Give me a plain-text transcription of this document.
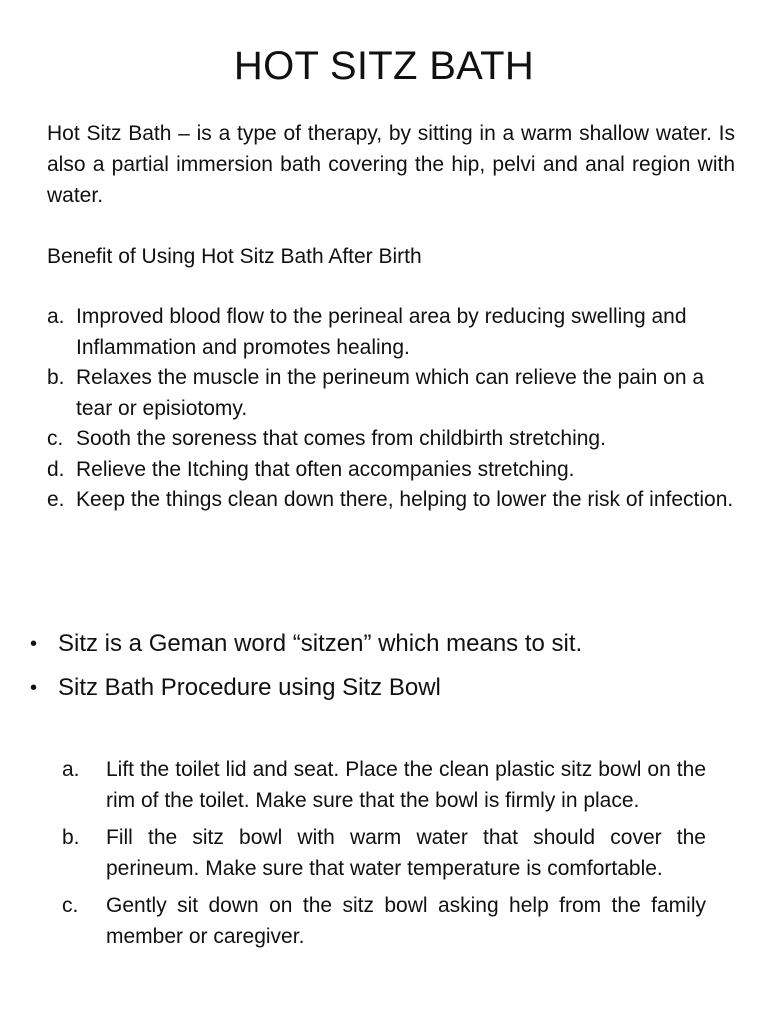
HOT SITZ BATH

Hot Sitz Bath – is a type of therapy, by sitting in a warm shallow water. Is also a partial immersion bath covering the hip, pelvi and anal region with water.

Benefit of Using Hot Sitz Bath After Birth

a. Improved blood flow to the perineal area by reducing swelling and Inflammation and promotes healing.
b. Relaxes the muscle in the perineum which can relieve the pain on a tear or episiotomy.
c. Sooth the soreness that comes from childbirth stretching.
d. Relieve the Itching that often accompanies stretching.
e. Keep the things clean down there, helping to lower the risk of infection.
• Sitz is a Geman word “sitzen” which means to sit.
• Sitz Bath Procedure using Sitz Bowl
a. Lift the toilet lid and seat. Place the clean plastic sitz bowl on the rim of the toilet. Make sure that the bowl is firmly in place.
b. Fill the sitz bowl with warm water that should cover the perineum. Make sure that water temperature is comfortable.
c. Gently sit down on the sitz bowl asking help from the family member or caregiver.
